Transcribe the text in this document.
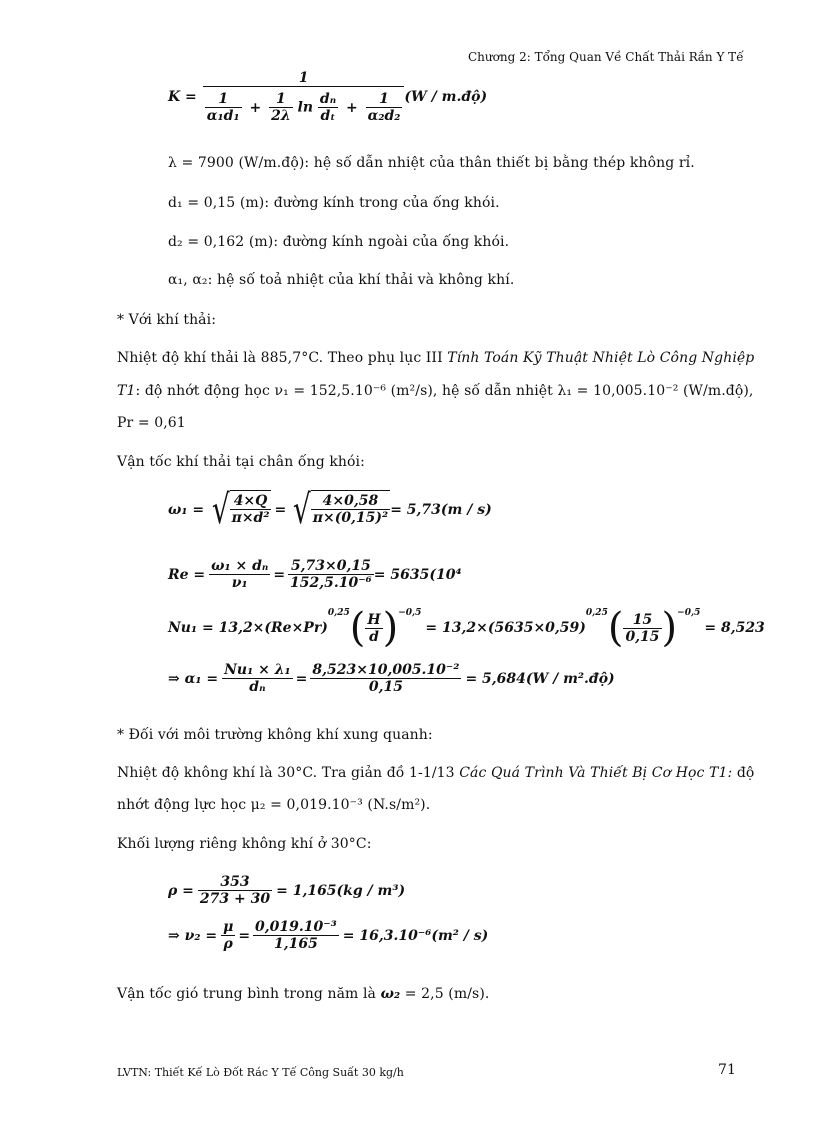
Chương 2: Tổng Quan Về Chất Thải Rắn Y Tế
K =
1
$\frac{1}{\text{α₁d₁}} + \frac{1}{2\lambda}$ $\ln \frac{\text{dₙ}}{\text{dₜ}} + \frac{1}{\text{α₂d₂}} (W$ / m.độ)
λ = 7900 (W/m.độ): hệ số dẫn nhiệt của thân thiết bị bằng thép không rỉ.
d₁ = 0,15 (m): đường kính trong của ống khói.
d₂ = 0,162 (m): đường kính ngoài của ống khói.
α₁, α₂: hệ số toả nhiệt của khí thải và không khí.
* Với khí thải:
Nhiệt độ khí thải là 885,7°C. Theo phụ lục III Tính Toán Kỹ Thuật Nhiệt Lò Công Nghiệp
T1: độ nhớt động học ν₁ = 152,5.10⁻⁶ (m²/s), hệ số dẫn nhiệt λ₁ = 10,005.10⁻² (W/m.độ),
Pr = 0,61
Vận tốc khí thải tại chân ống khói:
ω₁ = √ $\frac{4\times Q}{\text{π×d²}}$ = √ $\frac{4\times 0,58}{\text{π×(0,15)²}} = 5,73(m / s)$
$Re = \frac{\text{ω₁ × dₙ}}{\text{ν₁}} = \frac{5,73\times 0,15}{\text{152,5.10⁻⁶}} = 5635(10^4$
Nu₁ = 13,2×(Re×Pr)
0,25 ( $\frac{H}{d} )^{-0,5}$
= 13,2×(5635×0,59)
0,25 ( $\frac{15}{0,15} )^{-0,5}$
= 8,523
⇒ $\alpha_1 = \frac{\text{Nu₁ × λ₁}}{\text{dₙ}} = \frac{\text{8,523×10,005.10⁻²}}{0,15} = 5,684(W$ / m².độ)
* Đối với môi trường không khí xung quanh:
Nhiệt độ không khí là 30°C. Tra giản đồ 1-1/13 Các Quá Trình Và Thiết Bị Cơ Học T1: độ
nhớt động lực học μ₂ = 0,019.10⁻³ (N.s/m²).
Khối lượng riêng không khí ở 30°C:
$\rho = \frac{353}{273 + 30} = 1,165(kg / m^3)$
⇒ $\nu_2 = \frac{\mu}{\rho} = \frac{\text{0,019.10⁻³}}{1,165} = 16,3.10^{-6}(m^2 / s)$
Vận tốc gió trung bình trong năm là ω₂ = 2,5 (m/s).
LVTN: Thiết Kế Lò Đốt Rác Y Tế Công Suất 30 kg/h	71
